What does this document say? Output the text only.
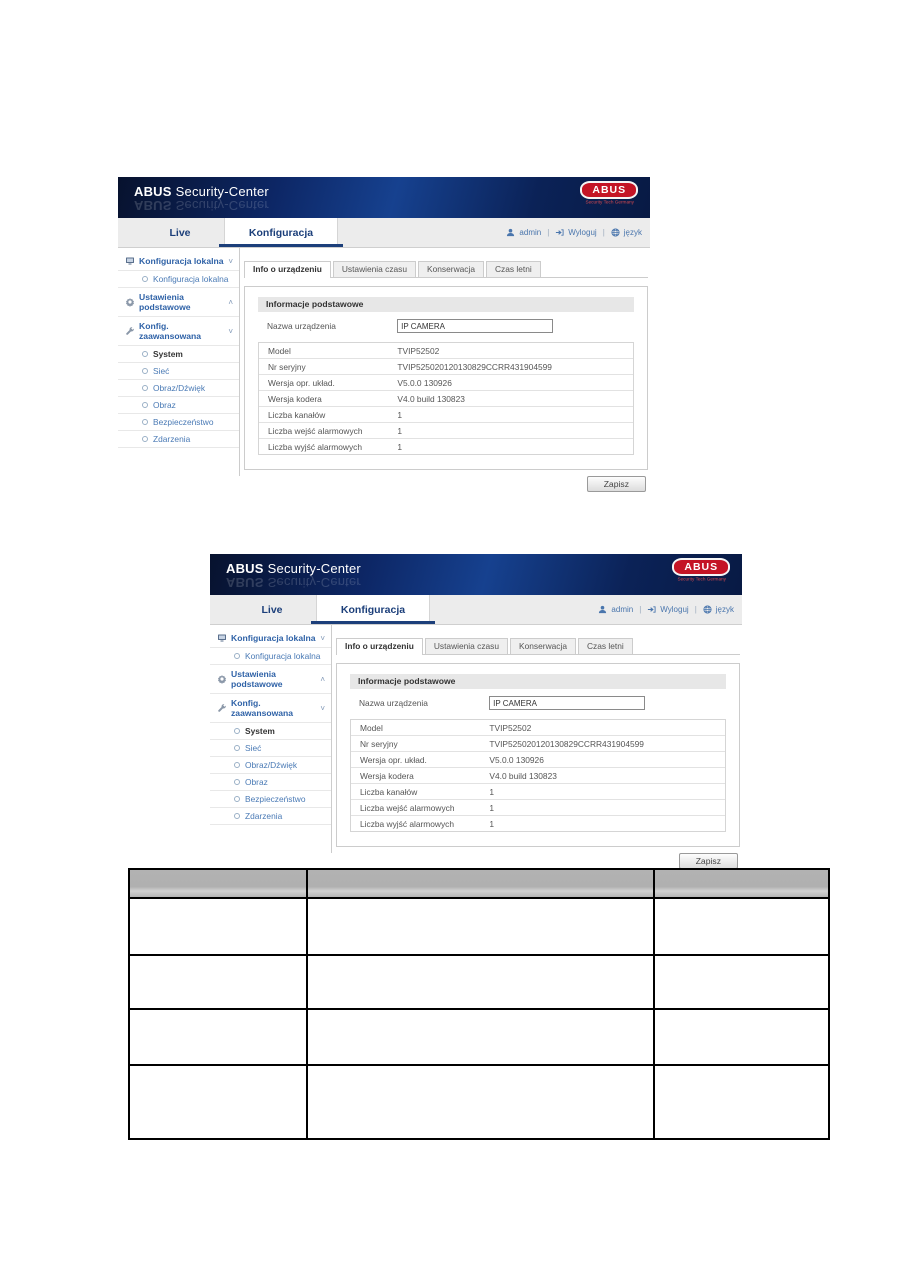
ABUS Security-Center
ABUS Security-Center
ABUS
Security Tech Germany
Live	Konfiguracja	admin | Wyloguj | język
Konfiguracja lokalna ˅
Konfiguracja lokalna
Ustawienia podstawowe	˄
Konfig. zaawansowana	˅
System
Sieć
Obraz/Dźwięk
Obraz
Bezpieczeństwo
Zdarzenia
Info o urządzeniu	Ustawienia czasu	Konserwacja	Czas letni
Informacje podstawowe
Nazwa urządzenia
IP CAMERA
Model	TVIP52502
Nr seryjny	TVIP525020120130829CCRR431904599
Wersja opr. układ.	V5.0.0 130926
Wersja kodera	V4.0 build 130823
Liczba kanałów	1
Liczba wejść alarmowych	1
Liczba wyjść alarmowych	1
Zapisz
ABUS Security-Center
ABUS Security-Center
ABUS
Security Tech Germany
Live	Konfiguracja	admin | Wyloguj | język
Konfiguracja lokalna ˅
Konfiguracja lokalna
Ustawienia podstawowe	˄
Konfig. zaawansowana	˅
System
Sieć
Obraz/Dźwięk
Obraz
Bezpieczeństwo
Zdarzenia
Info o urządzeniu	Ustawienia czasu	Konserwacja	Czas letni
Informacje podstawowe
Nazwa urządzenia
IP CAMERA
Model	TVIP52502
Nr seryjny	TVIP525020120130829CCRR431904599
Wersja opr. układ.	V5.0.0 130926
Wersja kodera	V4.0 build 130823
Liczba kanałów	1
Liczba wejść alarmowych	1
Liczba wyjść alarmowych	1
Zapisz
